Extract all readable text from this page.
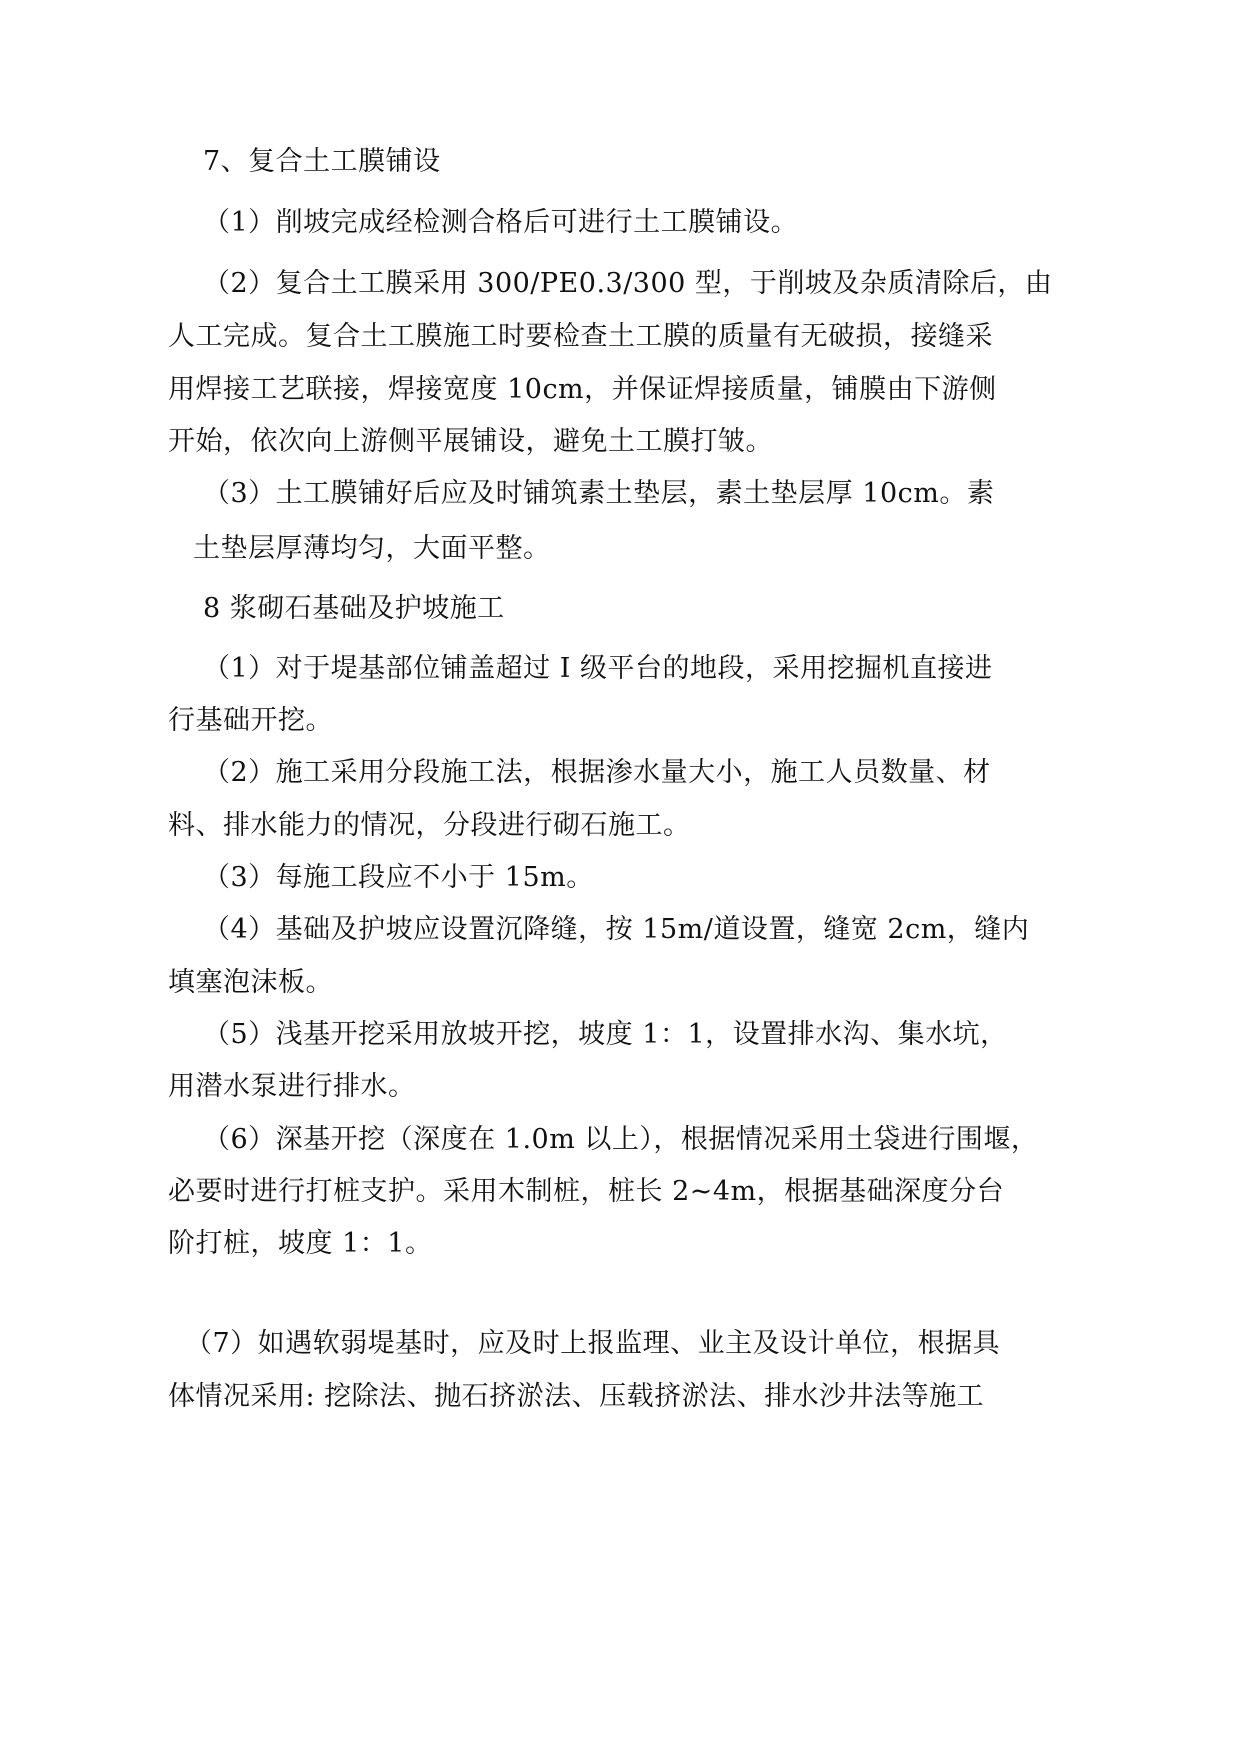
7、复合土工膜铺设
（1）削坡完成经检测合格后可进行土工膜铺设。
（2）复合土工膜采用 300/PE0.3/300 型，于削坡及杂质清除后，由
人工完成。复合土工膜施工时要检查土工膜的质量有无破损，接缝采
用焊接工艺联接，焊接宽度 10cm，并保证焊接质量，铺膜由下游侧
开始，依次向上游侧平展铺设，避免土工膜打皱。
（3）土工膜铺好后应及时铺筑素土垫层，素土垫层厚 10cm。素
土垫层厚薄均匀，大面平整。
8 浆砌石基础及护坡施工
（1）对于堤基部位铺盖超过 I 级平台的地段，采用挖掘机直接进
行基础开挖。
（2）施工采用分段施工法，根据渗水量大小，施工人员数量、材
料、排水能力的情况，分段进行砌石施工。
（3）每施工段应不小于 15m。
（4）基础及护坡应设置沉降缝，按 15m/道设置，缝宽 2cm，缝内
填塞泡沫板。
（5）浅基开挖采用放坡开挖，坡度 1：1，设置排水沟、集水坑，
用潜水泵进行排水。
（6）深基开挖（深度在 1.0m 以上），根据情况采用土袋进行围堰，
必要时进行打桩支护。采用木制桩，桩长 2~4m，根据基础深度分台
阶打桩，坡度 1：1。
（7）如遇软弱堤基时，应及时上报监理、业主及设计单位，根据具
体情况采用: 挖除法、抛石挤淤法、压载挤淤法、排水沙井法等施工
